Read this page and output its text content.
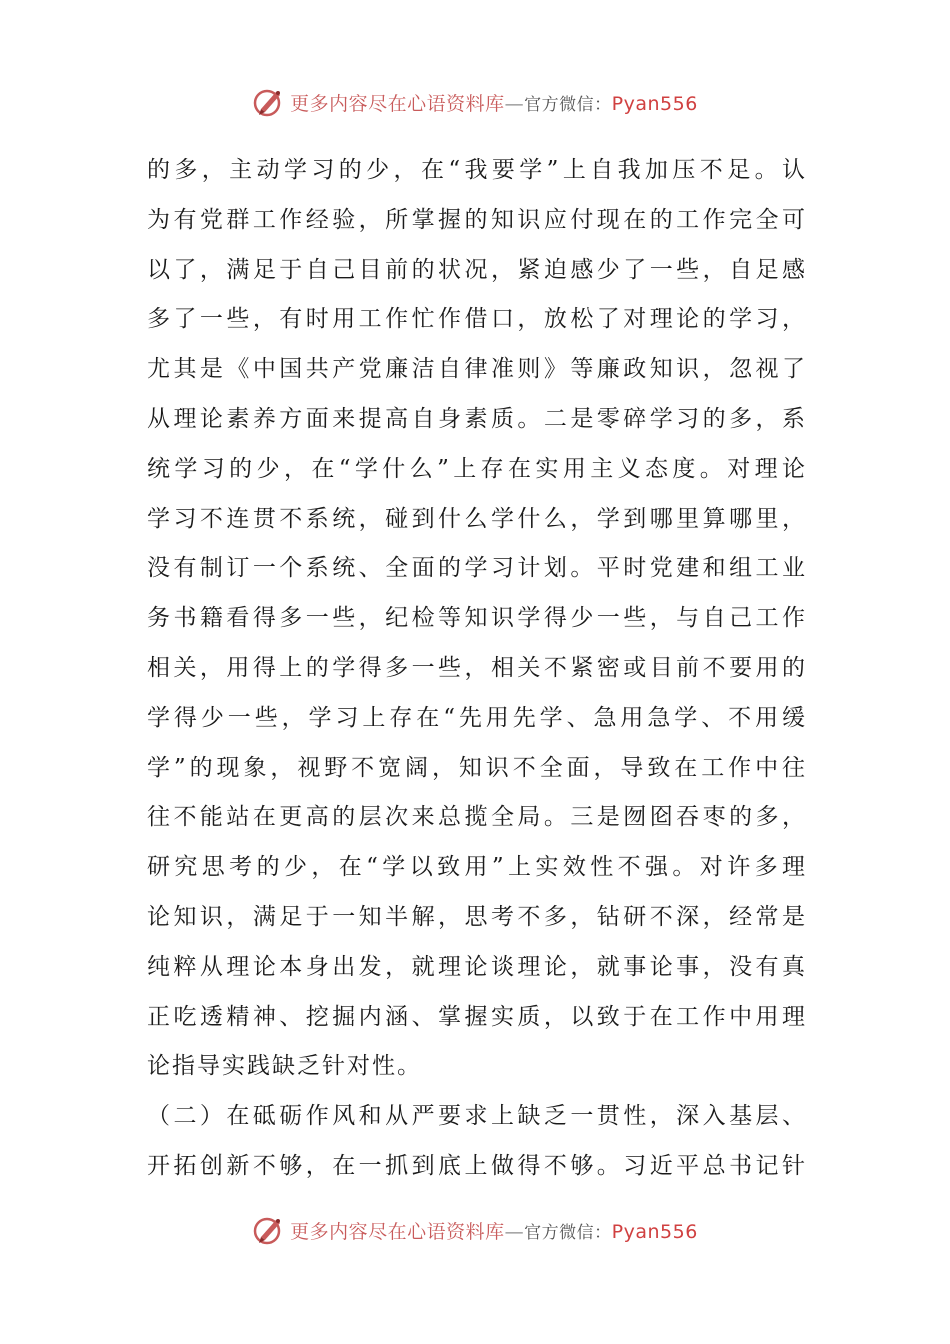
更多内容尽在心语资料库—官方微信：Pyan556
的多，主动学习的少，在“我要学”上自我加压不足。认
为有党群工作经验，所掌握的知识应付现在的工作完全可
以了，满足于自己目前的状况，紧迫感少了一些，自足感
多了一些，有时用工作忙作借口，放松了对理论的学习，
尤其是《中国共产党廉洁自律准则》等廉政知识，忽视了
从理论素养方面来提高自身素质。二是零碎学习的多，系
统学习的少，在“学什么”上存在实用主义态度。对理论
学习不连贯不系统，碰到什么学什么，学到哪里算哪里，
没有制订一个系统、全面的学习计划。平时党建和组工业
务书籍看得多一些，纪检等知识学得少一些，与自己工作
相关，用得上的学得多一些，相关不紧密或目前不要用的
学得少一些，学习上存在“先用先学、急用急学、不用缓
学”的现象，视野不宽阔，知识不全面，导致在工作中往
往不能站在更高的层次来总揽全局。三是囫囵吞枣的多，
研究思考的少，在“学以致用”上实效性不强。对许多理
论知识，满足于一知半解，思考不多，钻研不深，经常是
纯粹从理论本身出发，就理论谈理论，就事论事，没有真
正吃透精神、挖掘内涵、掌握实质，以致于在工作中用理
论指导实践缺乏针对性。
（二）在砥砺作风和从严要求上缺乏一贯性，深入基层、
开拓创新不够，在一抓到底上做得不够。习近平总书记针
更多内容尽在心语资料库—官方微信：Pyan556
